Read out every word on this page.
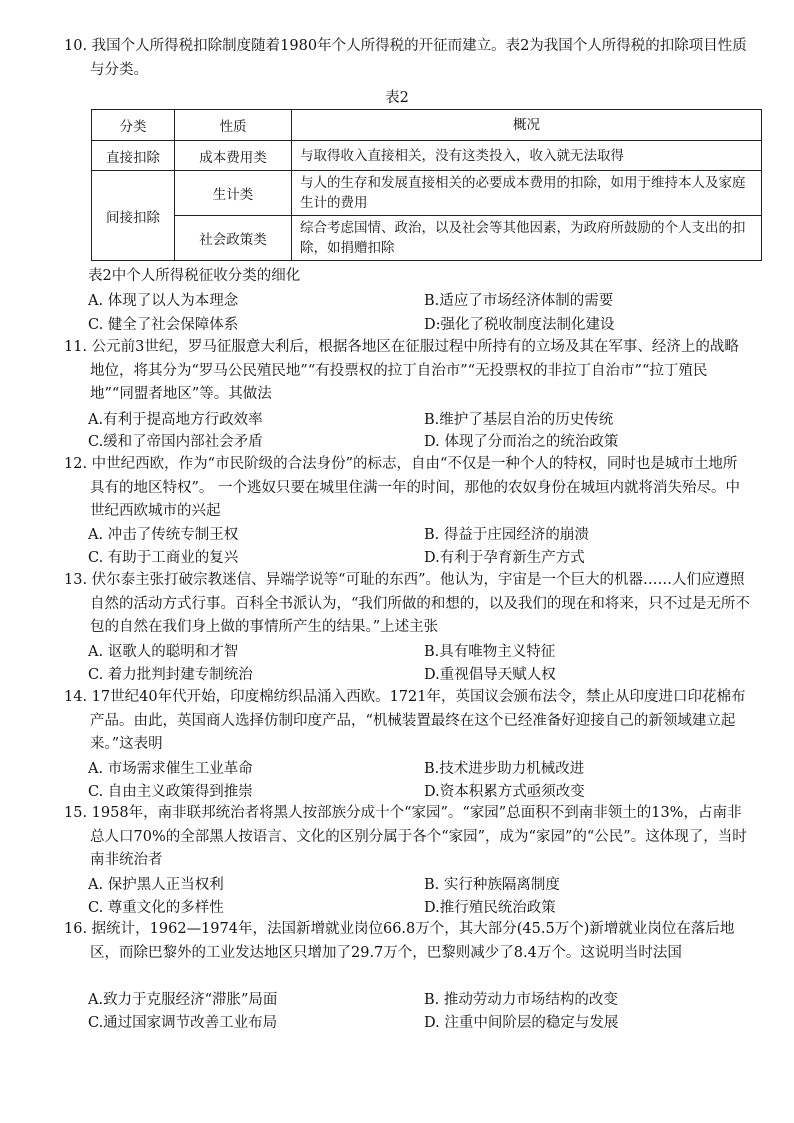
10. 我国个人所得税扣除制度随着1980年个人所得税的开征而建立。表2为我国个人所得税的扣除项目性质与分类。
表2
分类	性质	概况
直接扣除	成本费用类	与取得收入直接相关，没有这类投入，收入就无法取得
间接扣除	生计类	与人的生存和发展直接相关的必要成本费用的扣除，如用于维持本人及家庭生计的费用
	社会政策类	综合考虑国情、政治，以及社会等其他因素，为政府所鼓励的个人支出的扣除，如捐赠扣除
表2中个人所得税征收分类的细化
A. 体现了以人为本理念	B.适应了市场经济体制的需要
C. 健全了社会保障体系	D:强化了税收制度法制化建设
11. 公元前3世纪，罗马征服意大利后，根据各地区在征服过程中所持有的立场及其在军事、经济上的战略地位，将其分为“罗马公民殖民地”“有投票权的拉丁自治市”“无投票权的非拉丁自治市”“拉丁殖民地”“同盟者地区”等。其做法
A.有利于提高地方行政效率	B.维护了基层自治的历史传统
C.缓和了帝国内部社会矛盾	D. 体现了分而治之的统治政策
12. 中世纪西欧，作为“市民阶级的合法身份”的标志，自由“不仅是一种个人的特权，同时也是城市土地所具有的地区特权”。 一个逃奴只要在城里住满一年的时间，那他的农奴身份在城垣内就将消失殆尽。中世纪西欧城市的兴起
A. 冲击了传统专制王权	B. 得益于庄园经济的崩溃
C. 有助于工商业的复兴	D.有利于孕育新生产方式
13. 伏尔泰主张打破宗教迷信、异端学说等“可耻的东西”。他认为，宇宙是一个巨大的机器……人们应遵照自然的活动方式行事。百科全书派认为，“我们所做的和想的，以及我们的现在和将来，只不过是无所不包的自然在我们身上做的事情所产生的结果。”上述主张
A. 讴歌人的聪明和才智	B.具有唯物主义特征
C. 着力批判封建专制统治	D.重视倡导天赋人权
14. 17世纪40年代开始，印度棉纺织品涌入西欧。1721年，英国议会颁布法令，禁止从印度进口印花棉布产品。由此，英国商人选择仿制印度产品，“机械装置最终在这个已经准备好迎接自己的新领域建立起来。”这表明
A. 市场需求催生工业革命	B.技术进步助力机械改进
C. 自由主义政策得到推崇	D.资本积累方式亟须改变
15. 1958年，南非联邦统治者将黑人按部族分成十个“家园”。“家园”总面积不到南非领土的13%，占南非总人口70%的全部黑人按语言、文化的区别分属于各个“家园”，成为“家园”的“公民”。这体现了，当时南非统治者
A. 保护黑人正当权利	B. 实行种族隔离制度
C. 尊重文化的多样性	D.推行殖民统治政策
16. 据统计，1962—1974年，法国新增就业岗位66.8万个，其大部分(45.5万个)新增就业岗位在落后地区，而除巴黎外的工业发达地区只增加了29.7万个，巴黎则减少了8.4万个。这说明当时法国
A.致力于克服经济“滞胀”局面	B. 推动劳动力市场结构的改变
C.通过国家调节改善工业布局	D. 注重中间阶层的稳定与发展
